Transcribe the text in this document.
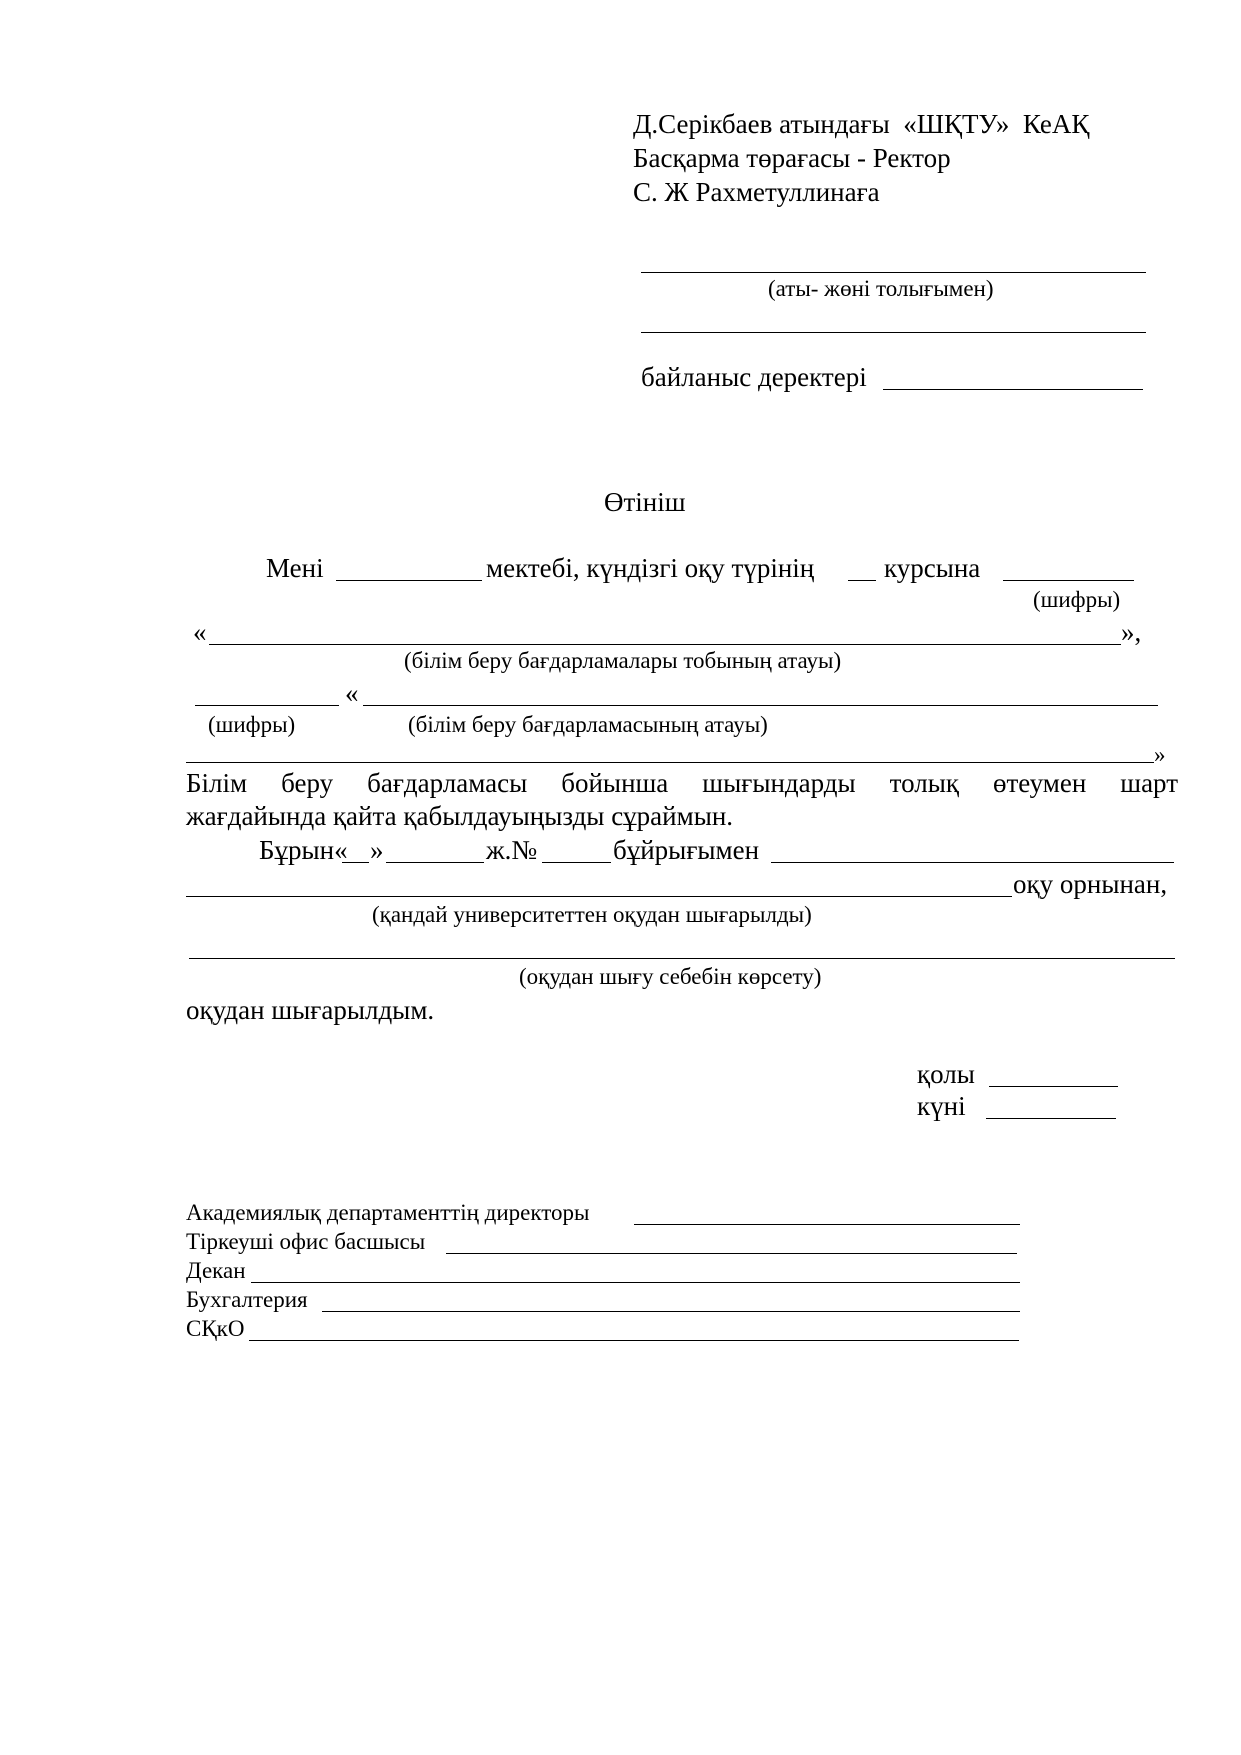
Д.Серікбаев атындағы  «ШҚТУ»  КеАҚ
Басқарма төрағасы - Ректор
С. Ж Рахметуллинаға
(аты- жөні толығымен)
байланыс деректері
Өтініш
Мені	мектебі, күндізгі оқу түрінің	курсына
(шифры)
«	»,
(білім беру бағдарламалары тобының атауы)
«
(шифры)	(білім беру бағдарламасының атауы)
»
Білім беру бағдарламасы бойынша шығындарды толық өтеумен шарт
жағдайында қайта қабылдауыңызды сұраймын.
Бұрын« »	ж.№	бұйрығымен
оқу орнынан,
(қандай университеттен оқудан шығарылды)
(оқудан шығу себебін көрсету)
оқудан шығарылдым.
қолы
күні
Академиялық департаменттің директоры
Тіркеуші офис басшысы
Декан
Бухгалтерия
СҚкО
